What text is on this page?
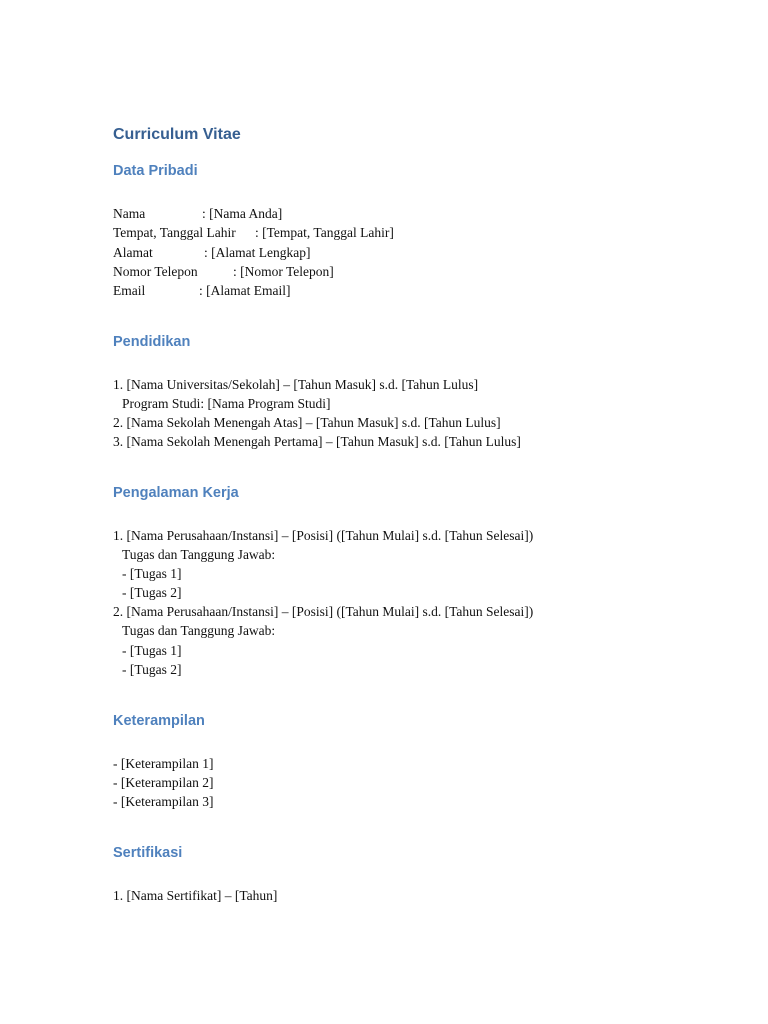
Curriculum Vitae
Data Pribadi
Nama	: [Nama Anda]
Tempat, Tanggal Lahir : [Tempat, Tanggal Lahir]
Alamat	: [Alamat Lengkap]
Nomor Telepon	: [Nomor Telepon]
Email	: [Alamat Email]
Pendidikan
1. [Nama Universitas/Sekolah] – [Tahun Masuk] s.d. [Tahun Lulus]
Program Studi: [Nama Program Studi]
2. [Nama Sekolah Menengah Atas] – [Tahun Masuk] s.d. [Tahun Lulus]
3. [Nama Sekolah Menengah Pertama] – [Tahun Masuk] s.d. [Tahun Lulus]
Pengalaman Kerja
1. [Nama Perusahaan/Instansi] – [Posisi] ([Tahun Mulai] s.d. [Tahun Selesai])
Tugas dan Tanggung Jawab:
- [Tugas 1]
- [Tugas 2]
2. [Nama Perusahaan/Instansi] – [Posisi] ([Tahun Mulai] s.d. [Tahun Selesai])
Tugas dan Tanggung Jawab:
- [Tugas 1]
- [Tugas 2]
Keterampilan
- [Keterampilan 1]
- [Keterampilan 2]
- [Keterampilan 3]
Sertifikasi
1. [Nama Sertifikat] – [Tahun]
